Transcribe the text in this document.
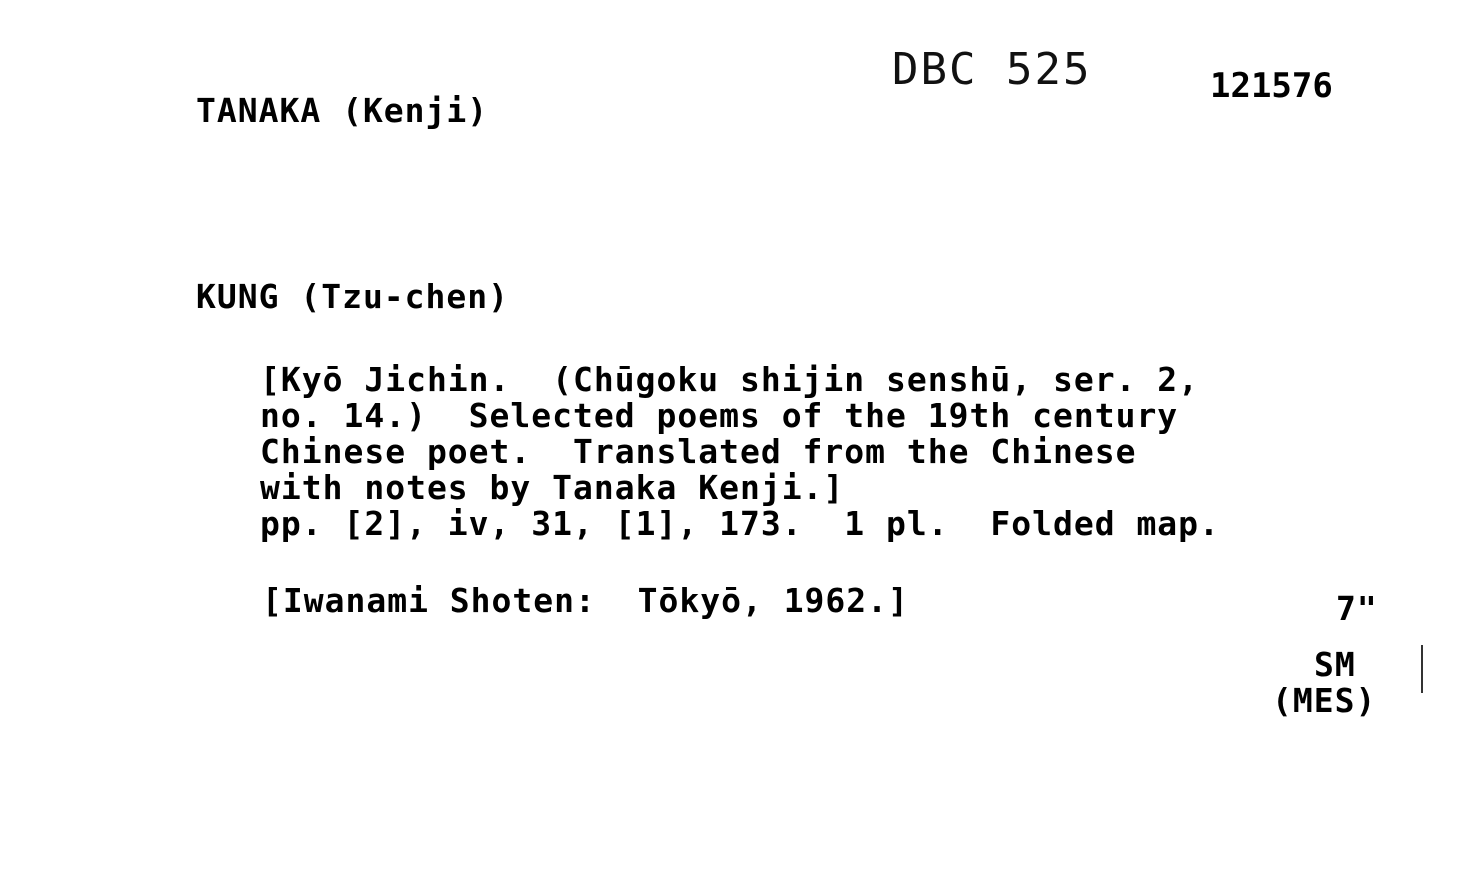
TANAKA (Kenji)
DBC 525	121576
KUNG (Tzu-chen)
[Kyō Jichin.  (Chūgoku shijin senshū, ser. 2,
no. 14.)  Selected poems of the 19th century
Chinese poet.  Translated from the Chinese
with notes by Tanaka Kenji.]
pp. [2], iv, 31, [1], 173.  1 pl.  Folded map.
[Iwanami Shoten:  Tōkyō, 1962.]	7"
SM
(MES)
